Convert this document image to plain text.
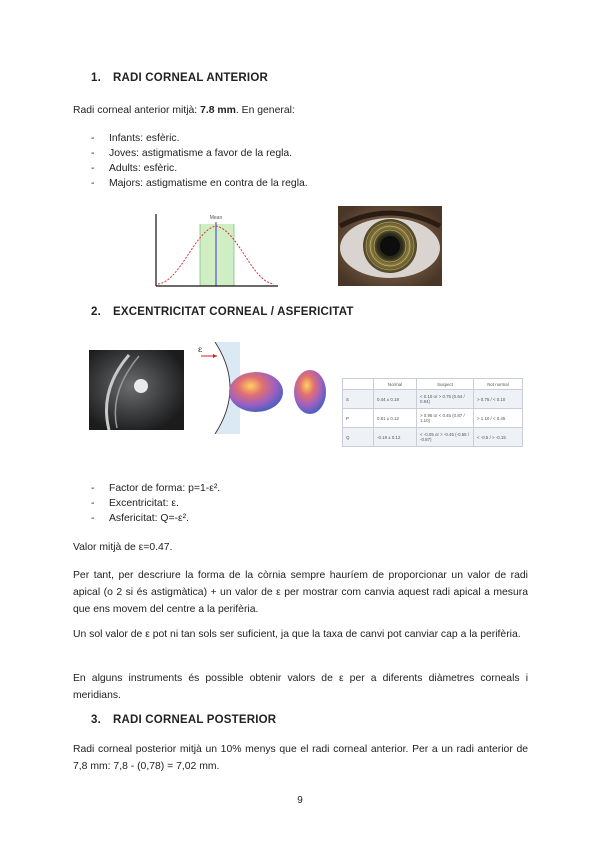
1. RADI CORNEAL ANTERIOR
Radi corneal anterior mitjà: 7.8 mm. En general:
- Infants: esfèric.
- Joves: astigmatisme a favor de la regla.
- Adults: esfèric.
- Majors: astigmatisme en contra de la regla.
Mean
2. EXCENTRICITAT CORNEAL / ASFERICITAT
ε
	Normal	Suspect	Not normal
S	0.44 ± 0.18	< 0.10 or > 0.75 (0.64 / 0.94)	> 0.75 / < 0.10
P	0.81 ± 0.12	> 0.95 or < 0.45 (0.87 / 1.10)	> 1.10 / < 0.45
Q	-0.19 ± 0.12	< -0.05 or > -0.45 (-0.55 / -0.87)	< -0.5 / > -0.15
- Factor de forma: p=1-ε².
- Excentricitat: ε.
- Asfericitat: Q=-ε².
Valor mitjà de ε=0.47.
Per tant, per descriure la forma de la còrnia sempre hauríem de proporcionar un valor de radi apical (o 2 si és astigmàtica) + un valor de ε per mostrar com canvia aquest radi apical a mesura que ens movem del centre a la perifèria.
Un sol valor de ε pot ni tan sols ser suficient, ja que la taxa de canvi pot canviar cap a la perifèria.
En alguns instruments és possible obtenir valors de ε per a diferents diàmetres corneals i meridians.
3. RADI CORNEAL POSTERIOR
Radi corneal posterior mitjà un 10% menys que el radi corneal anterior. Per a un radi anterior de 7,8 mm: 7,8 - (0,78) = 7,02 mm.
9
